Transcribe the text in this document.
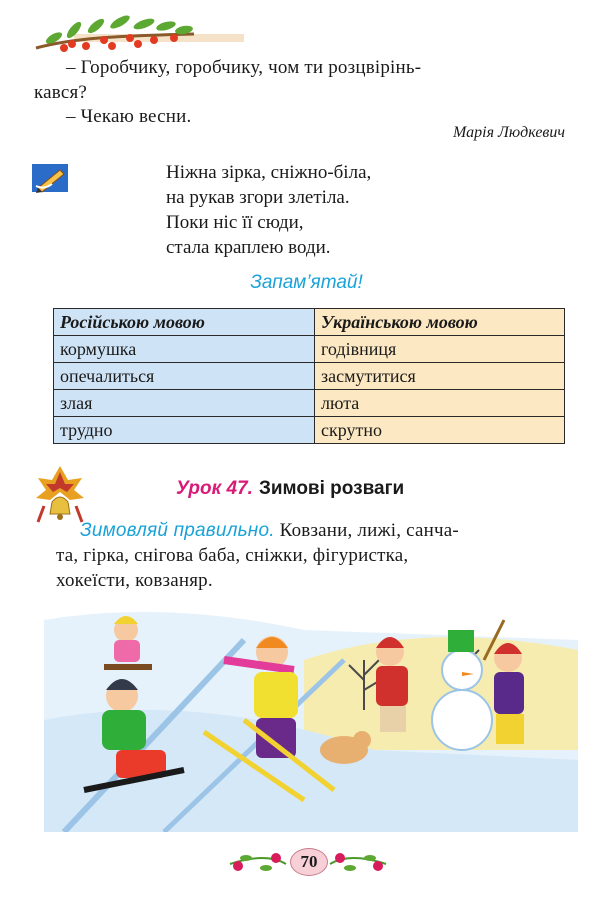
– Горобчику, горобчику, чом ти розцвірінь-
кався?
– Чекаю весни.
Марія Людкевич
Ніжна зірка, сніжно-біла,
на рукав згори злетіла.
Поки ніс її сюди,
стала краплею води.
Запам’ятай!
Російською мовою	Українською мовою
кормушка	годівниця
опечалиться	засмутитися
злая	люта
трудно	скрутно
Урок 47. Зимові розваги
Зимовляй правильно. Ковзани, лижі, санча-
та, гірка, снігова баба, сніжки, фігуристка,
хокеїсти, ковзаняр.
70
